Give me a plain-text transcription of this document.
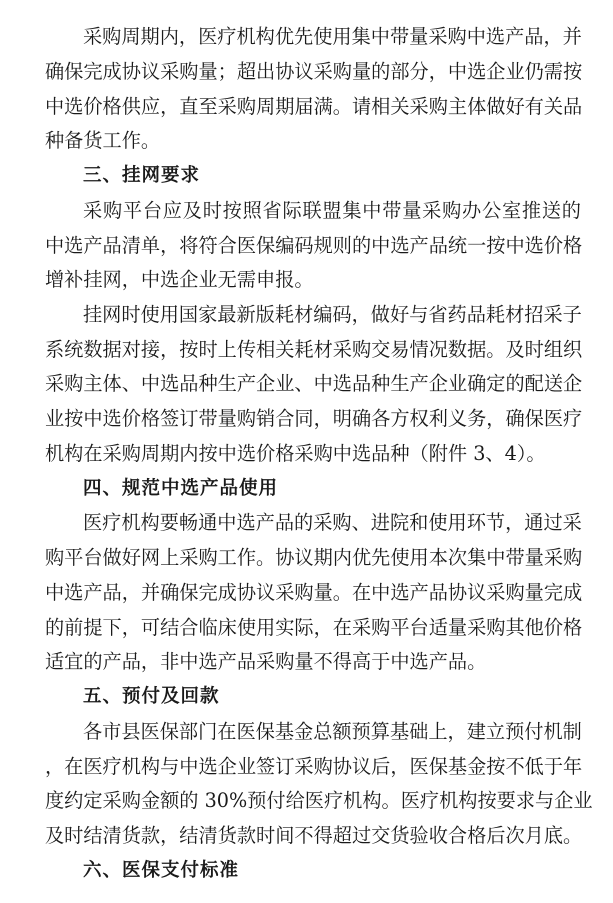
采购周期内，医疗机构优先使用集中带量采购中选产品，并
确保完成协议采购量；超出协议采购量的部分，中选企业仍需按
中选价格供应，直至采购周期届满。请相关采购主体做好有关品
种备货工作。
三、挂网要求
采购平台应及时按照省际联盟集中带量采购办公室推送的
中选产品清单，将符合医保编码规则的中选产品统一按中选价格
增补挂网，中选企业无需申报。
挂网时使用国家最新版耗材编码，做好与省药品耗材招采子
系统数据对接，按时上传相关耗材采购交易情况数据。及时组织
采购主体、中选品种生产企业、中选品种生产企业确定的配送企
业按中选价格签订带量购销合同，明确各方权利义务，确保医疗
机构在采购周期内按中选价格采购中选品种（附件 3、4）。
四、规范中选产品使用
医疗机构要畅通中选产品的采购、进院和使用环节，通过采
购平台做好网上采购工作。协议期内优先使用本次集中带量采购
中选产品，并确保完成协议采购量。在中选产品协议采购量完成
的前提下，可结合临床使用实际，在采购平台适量采购其他价格
适宜的产品，非中选产品采购量不得高于中选产品。
五、预付及回款
各市县医保部门在医保基金总额预算基础上，建立预付机制
，在医疗机构与中选企业签订采购协议后，医保基金按不低于年
度约定采购金额的 30%预付给医疗机构。医疗机构按要求与企业
及时结清货款，结清货款时间不得超过交货验收合格后次月底。
六、医保支付标准
